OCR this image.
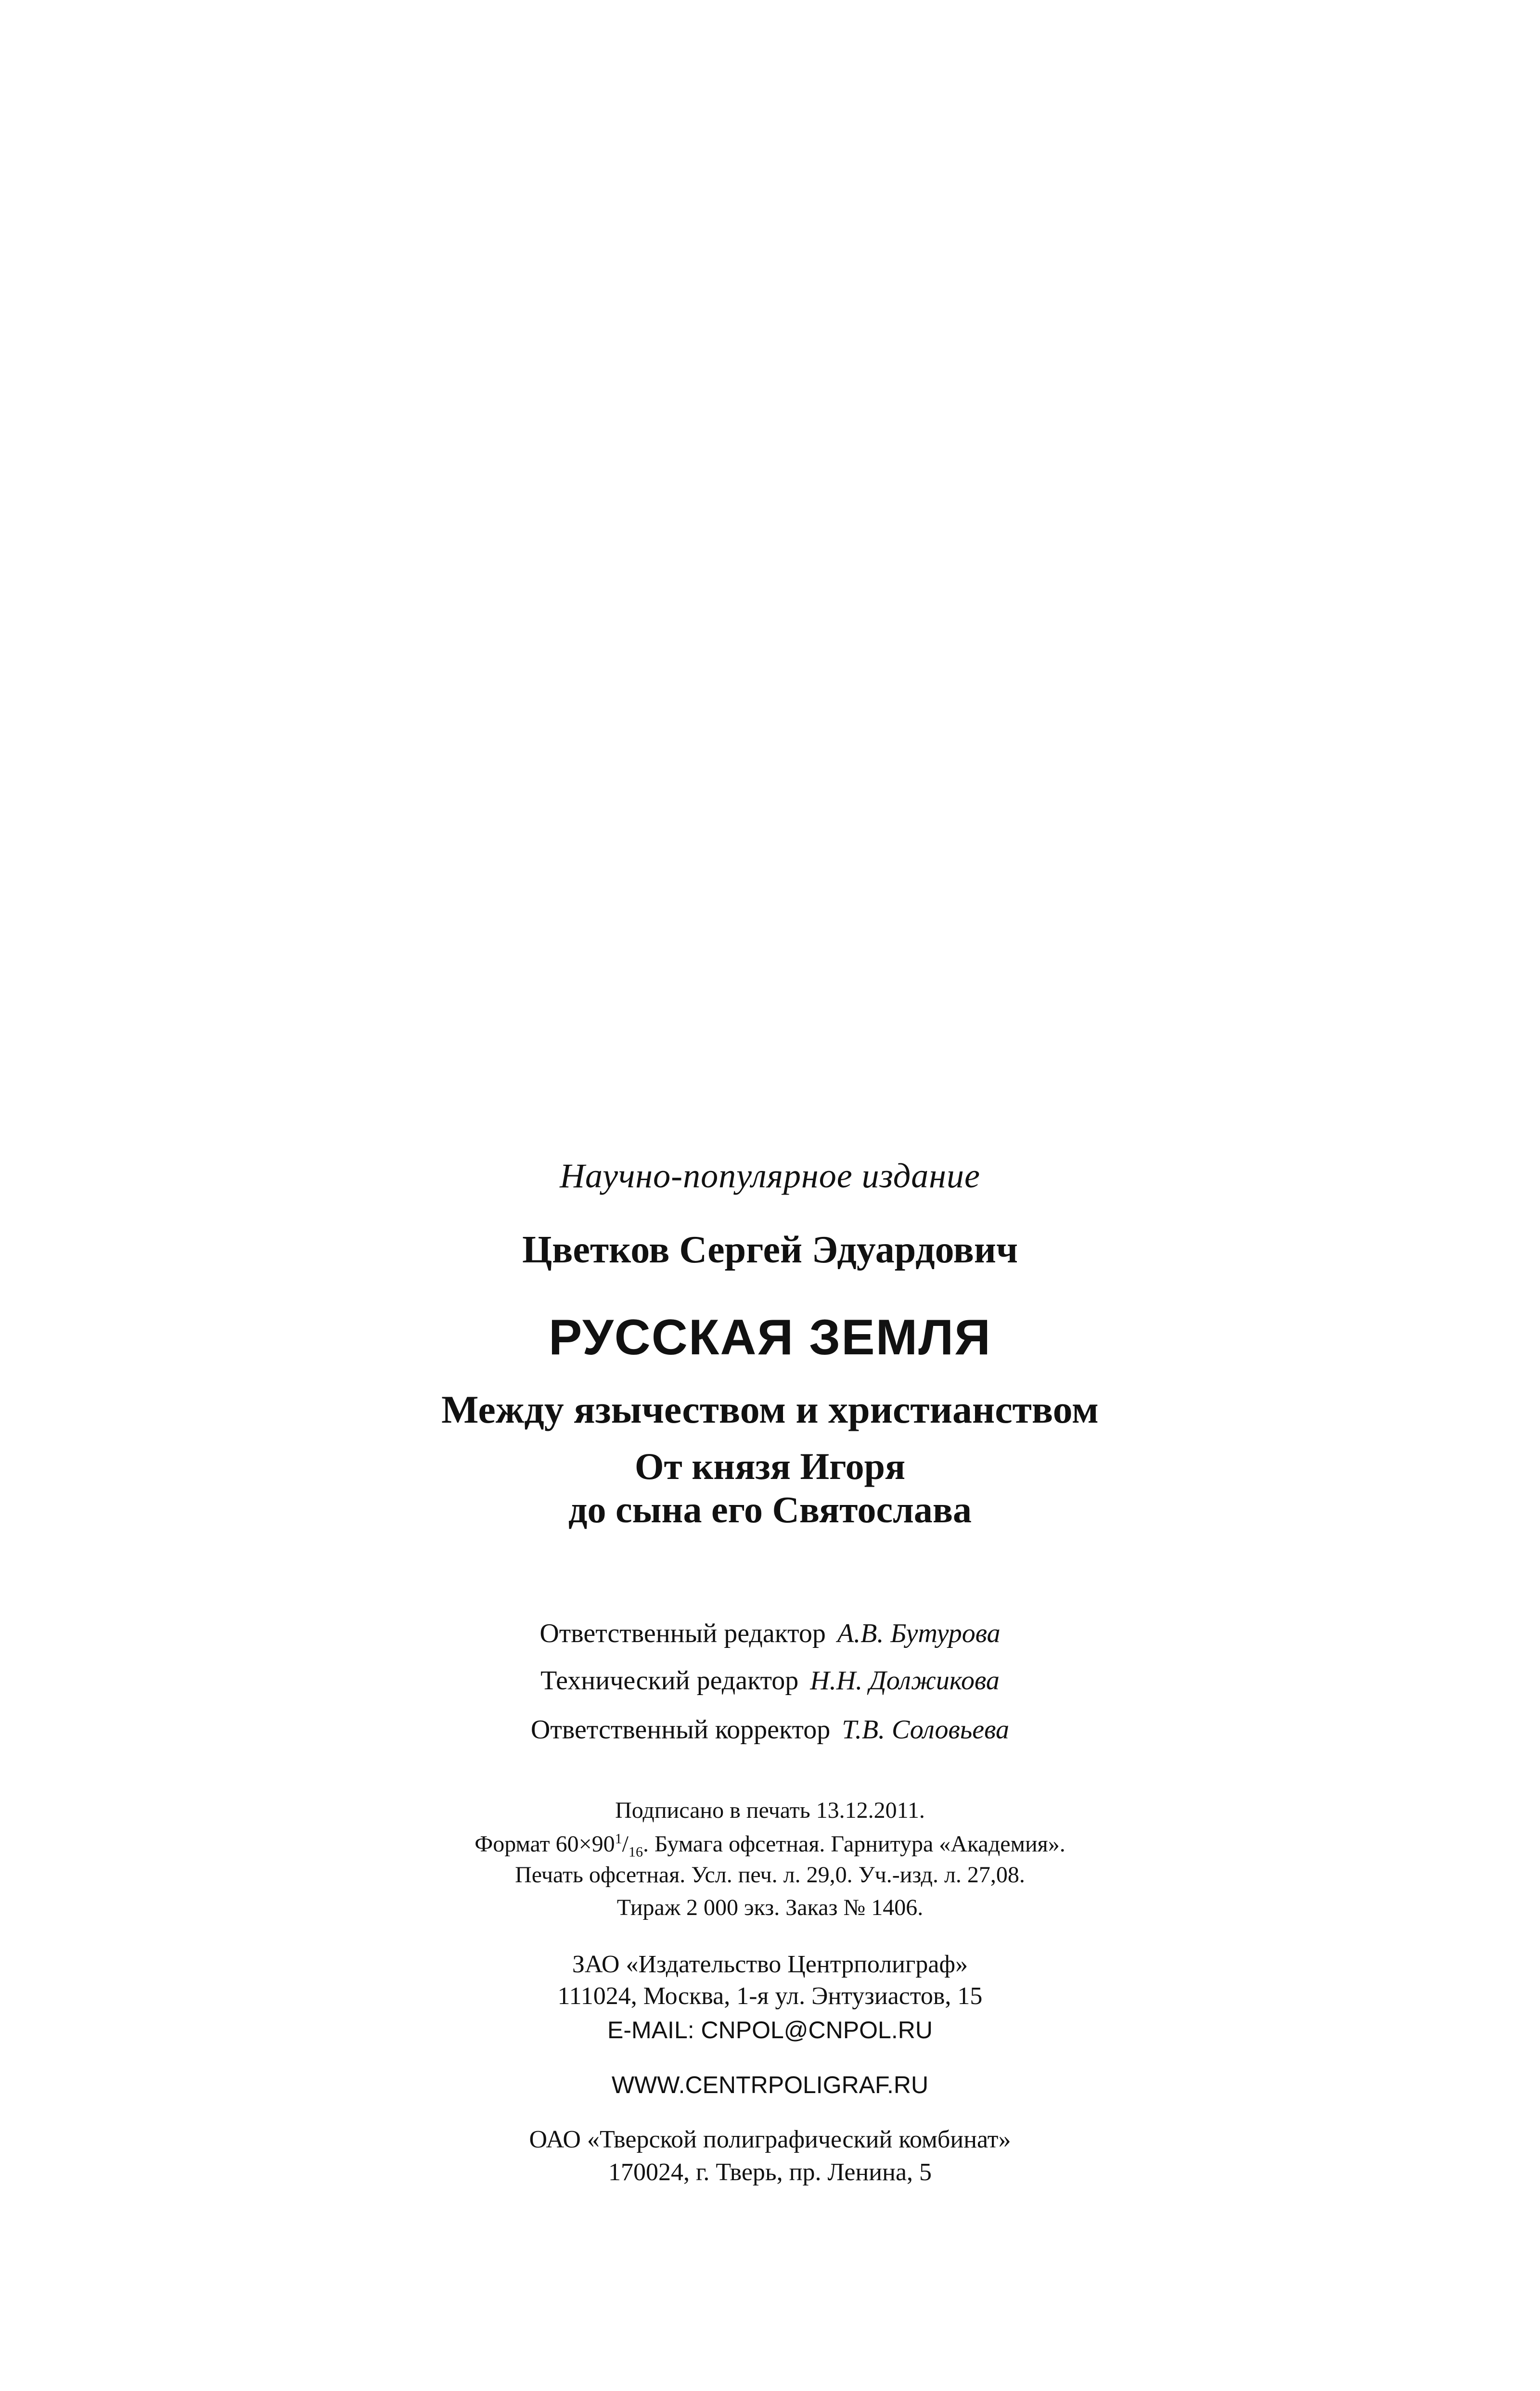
Научно-популярное издание
Цветков Сергей Эдуардович
РУССКАЯ ЗЕМЛЯ
Между язычеством и христианством
От князя Игоря
до сына его Святослава
Ответственный редактор А.В. Бутурова
Технический редактор Н.Н. Должикова
Ответственный корректор Т.В. Соловьева
Подписано в печать 13.12.2011.
Формат $60\times 90^1/_{16}$. Бумага офсетная. Гарнитура «Академия».
Печать офсетная. Усл. печ. л. 29,0. Уч.-изд. л. 27,08.
Тираж 2 000 экз. Заказ № 1406.
ЗАО «Издательство Центрполиграф»
111024, Москва, 1-я ул. Энтузиастов, 15
E-MAIL: CNPOL@CNPOL.RU
WWW.CENTRPOLIGRAF.RU
ОАО «Тверской полиграфический комбинат»
170024, г. Тверь, пр. Ленина, 5
